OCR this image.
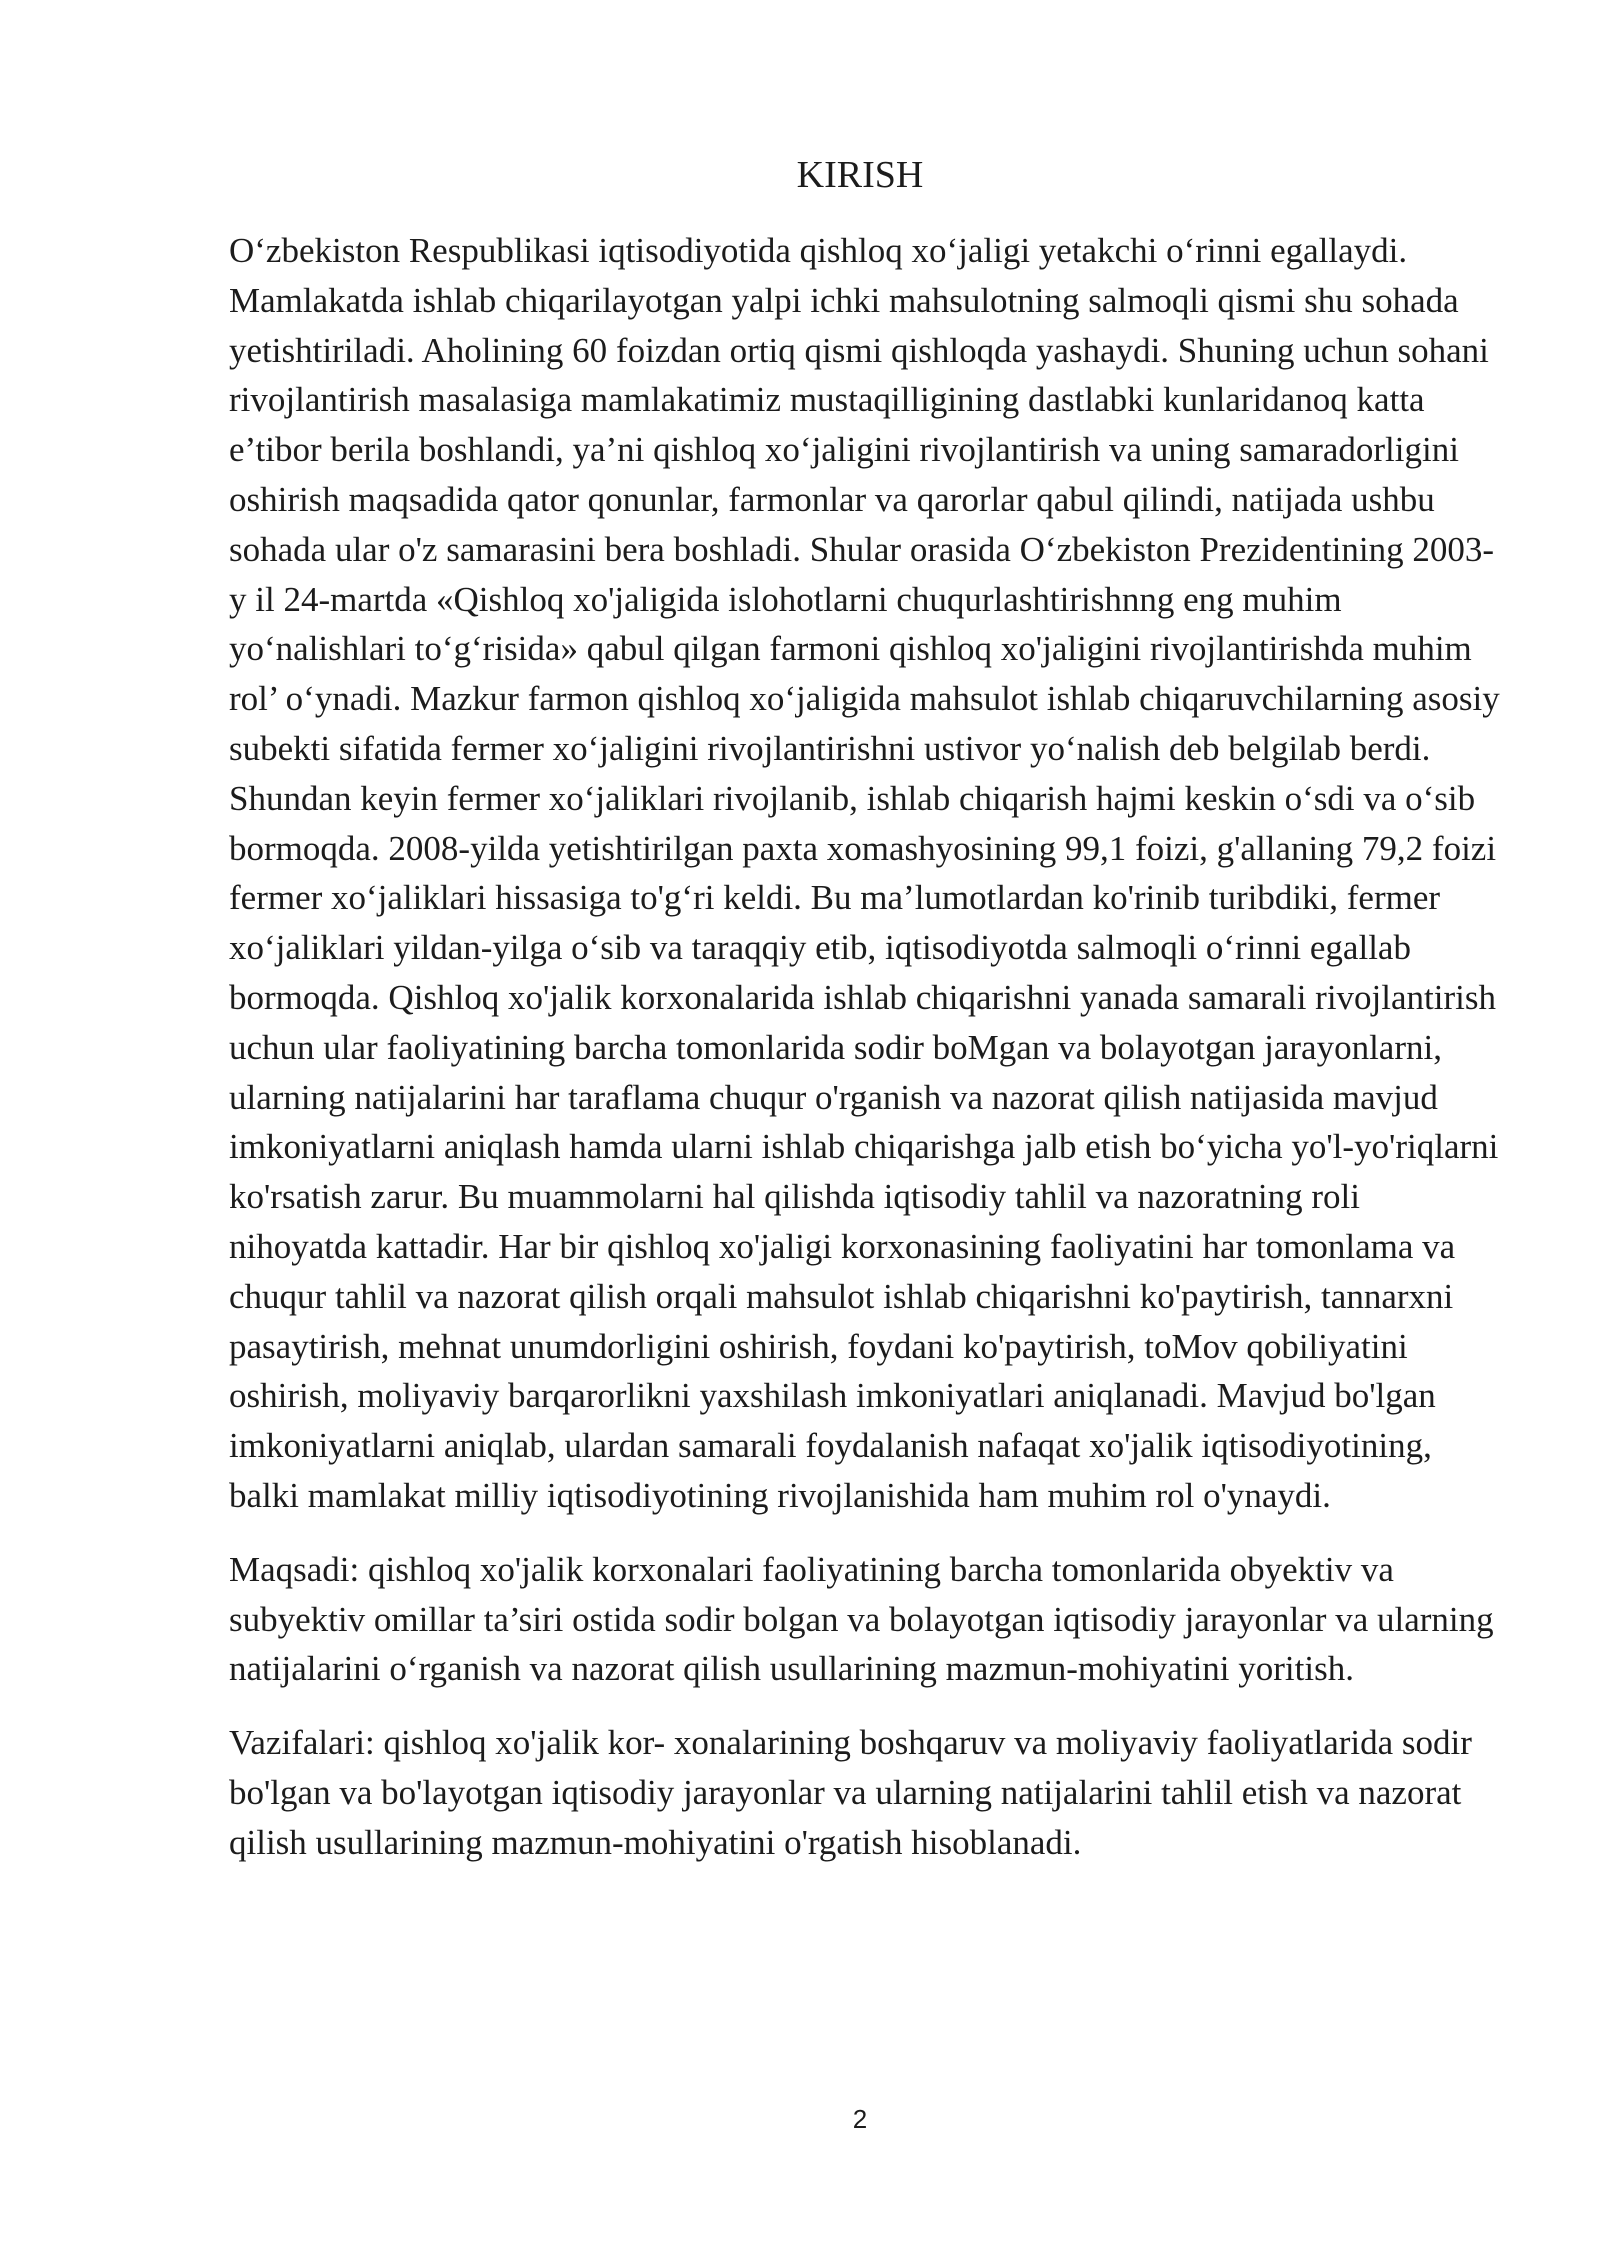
KIRISH

O‘zbekiston Respublikasi iqtisodiyotida qishloq xo‘jaligi yetakchi o‘rinni egallaydi. Mamlakatda ishlab chiqarilayotgan yalpi ichki mahsulotning salmoqli qismi shu sohada yetishtiriladi. Aholining 60 foizdan ortiq qismi qishloqda yashaydi. Shuning uchun sohani rivojlantirish masalasiga mamlakatimiz mustaqilligining dastlabki kunlaridanoq katta e’tibor berila boshlandi, ya’ni qishloq xo‘jaligini rivojlantirish va uning samaradorligini oshirish maqsadida qator qonunlar, farmonlar va qarorlar qabul qilindi, natijada ushbu sohada ular o'z samarasini bera boshladi. Shular orasida O‘zbekiston Prezidentining 2003-y il 24-martda «Qishloq xo'jaligida islohotlarni chuqurlashtirishnng eng muhim yo‘nalishlari to‘g‘risida» qabul qilgan farmoni qishloq xo'jaligini rivojlantirishda muhim rol’ o‘ynadi. Mazkur farmon qishloq xo‘jaligida mahsulot ishlab chiqaruvchilarning asosiy subekti sifatida fermer xo‘jaligini rivojlantirishni ustivor yo‘nalish deb belgilab berdi. Shundan keyin fermer xo‘jaliklari rivojlanib, ishlab chiqarish hajmi keskin o‘sdi va o‘sib bormoqda. 2008-yilda yetishtirilgan paxta xomashyosining 99,1 foizi, g'allaning 79,2 foizi fermer xo‘jaliklari hissasiga to'g‘ri keldi. Bu ma’lumotlardan ko'rinib turibdiki, fermer xo‘jaliklari yildan-yilga o‘sib va taraqqiy etib, iqtisodiyotda salmoqli o‘rinni egallab bormoqda. Qishloq xo'jalik korxonalarida ishlab chiqarishni yanada samarali rivojlantirish uchun ular faoliyatining barcha tomonlarida sodir boMgan va bolayotgan jarayonlarni, ularning natijalarini har taraflama chuqur o'rganish va nazorat qilish natijasida mavjud imkoniyatlarni aniqlash hamda ularni ishlab chiqarishga jalb etish bo‘yicha yo'l-yo'riqlarni ko'rsatish zarur. Bu muammolarni hal qilishda iqtisodiy tahlil va nazoratning roli nihoyatda kattadir. Har bir qishloq xo'jaligi korxonasining faoliyatini har tomonlama va chuqur tahlil va nazorat qilish orqali mahsulot ishlab chiqarishni ko'paytirish, tannarxni pasaytirish, mehnat unumdorligini oshirish, foydani ko'paytirish, toMov qobiliyatini oshirish, moliyaviy barqarorlikni yaxshilash imkoniyatlari aniqlanadi. Mavjud bo'lgan imkoniyatlarni aniqlab, ulardan samarali foydalanish nafaqat xo'jalik iqtisodiyotining, balki mamlakat milliy iqtisodiyotining rivojlanishida ham muhim rol o'ynaydi.

Maqsadi: qishloq xo'jalik korxonalari faoliyatining barcha tomonlarida obyektiv va subyektiv omillar ta’siri ostida sodir bolgan va bolayotgan iqtisodiy jarayonlar va ularning natijalarini o‘rganish va nazorat qilish usullarining mazmun-mohiyatini yoritish.

Vazifalari: qishloq xo'jalik kor- xonalarining boshqaruv va moliyaviy faoliyatlarida sodir bo'lgan va bo'layotgan iqtisodiy jarayonlar va ularning natijalarini tahlil etish va nazorat qilish usullarining mazmun-mohiyatini o'rgatish hisoblanadi.

2
